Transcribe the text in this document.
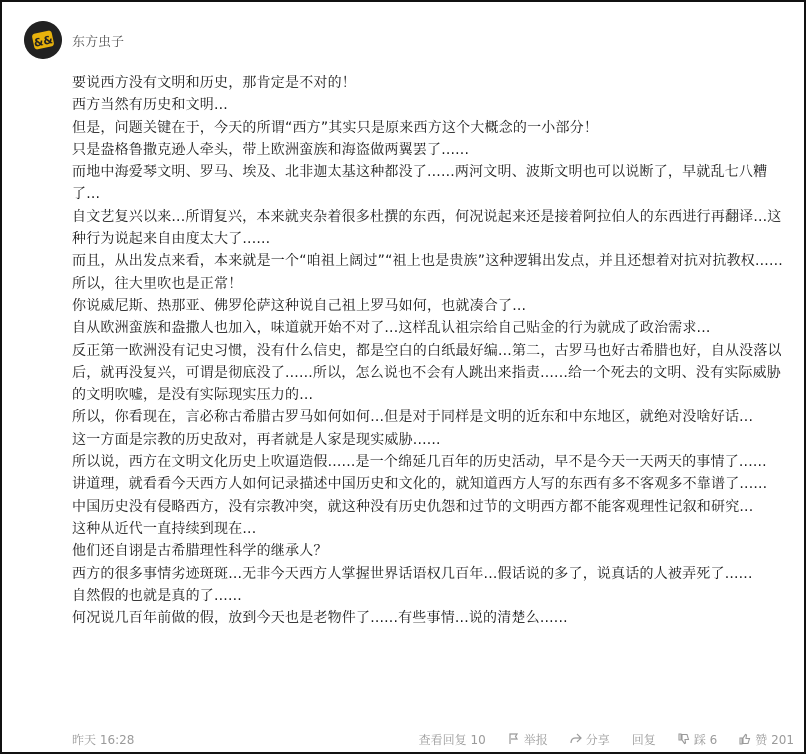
&& 东方虫子

要说西方没有文明和历史，那肯定是不对的！

西方当然有历史和文明...

但是，问题关键在于，今天的所谓“西方”其实只是原来西方这个大概念的一小部分！

只是盎格鲁撒克逊人牵头，带上欧洲蛮族和海盗做两翼罢了......

而地中海爱琴文明、罗马、埃及、北非迦太基这种都没了......两河文明、波斯文明也可以说断了，早就乱七八糟了...

自文艺复兴以来...所谓复兴，本来就夹杂着很多杜撰的东西，何况说起来还是接着阿拉伯人的东西进行再翻译...这种行为说起来自由度太大了......

而且，从出发点来看，本来就是一个“咱祖上阔过”“祖上也是贵族”这种逻辑出发点，并且还想着对抗对抗教权......所以，往大里吹也是正常！

你说威尼斯、热那亚、佛罗伦萨这种说自己祖上罗马如何，也就凑合了...

自从欧洲蛮族和盎撒人也加入，味道就开始不对了...这样乱认祖宗给自己贴金的行为就成了政治需求...

反正第一欧洲没有记史习惯，没有什么信史，都是空白的白纸最好编...第二，古罗马也好古希腊也好，自从没落以后，就再没复兴，可谓是彻底没了......所以，怎么说也不会有人跳出来指责......给一个死去的文明、没有实际威胁的文明吹嘘，是没有实际现实压力的...

所以，你看现在，言必称古希腊古罗马如何如何...但是对于同样是文明的近东和中东地区，就绝对没啥好话...

这一方面是宗教的历史敌对，再者就是人家是现实威胁......

所以说，西方在文明文化历史上吹逼造假......是一个绵延几百年的历史活动，早不是今天一天两天的事情了......

讲道理，就看看今天西方人如何记录描述中国历史和文化的，就知道西方人写的东西有多不客观多不靠谱了......

中国历史没有侵略西方，没有宗教冲突，就这种没有历史仇怨和过节的文明西方都不能客观理性记叙和研究...

这种从近代一直持续到现在...

他们还自诩是古希腊理性科学的继承人？

西方的很多事情劣迹斑斑...无非今天西方人掌握世界话语权几百年...假话说的多了，说真话的人被弄死了......

自然假的也就是真的了......

何况说几百年前做的假，放到今天也是老物件了......有些事情...说的清楚么......

昨天 16:28	查看回复 10	举报	分享 回复	踩 6	赞 201
